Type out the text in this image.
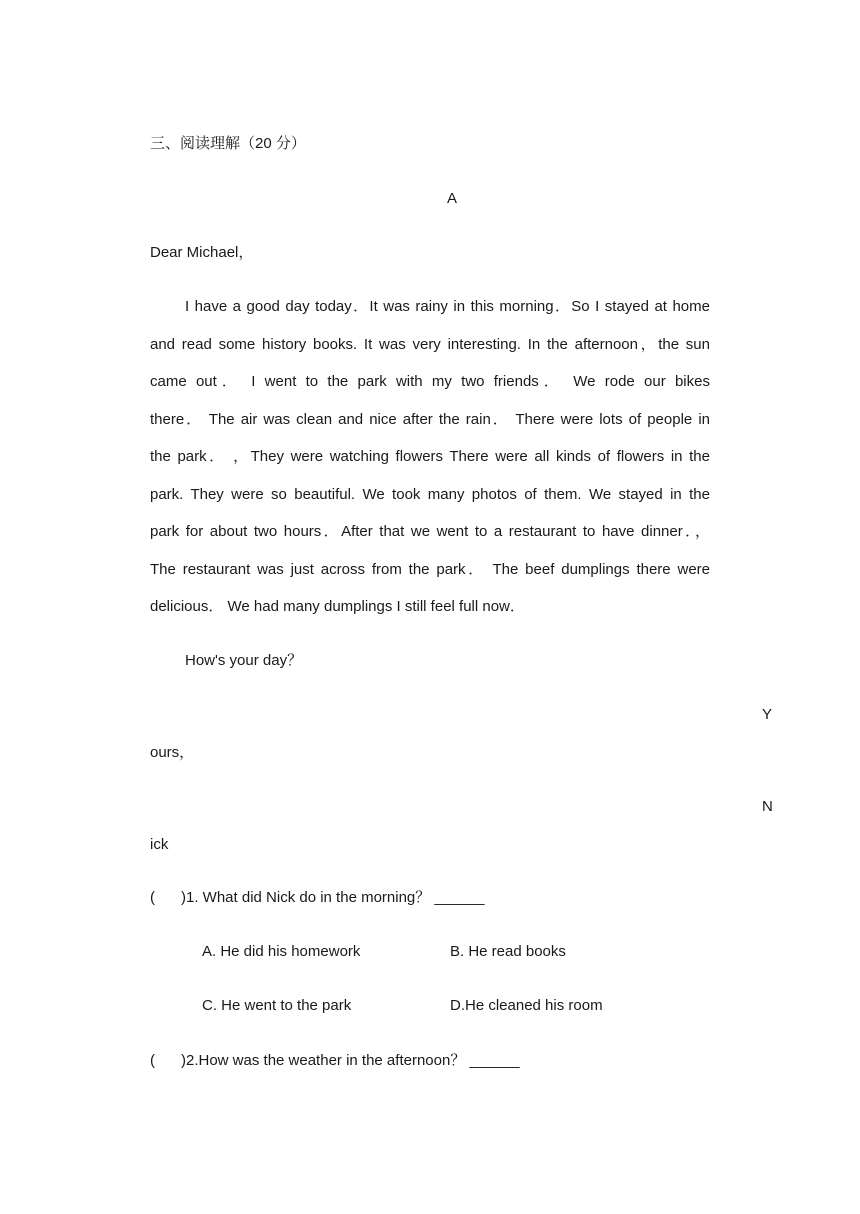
三、阅读理解（20 分）
A
Dear Michael，
I have a good day today．It was rainy in this morning．So I stayed at home
and read some history books. It was very interesting. In the afternoon，the sun
came out． I went to the park with my two friends． We rode our bikes
there． The air was clean and nice after the rain． There were lots of people in
the park． ，They were watching flowers There were all kinds of flowers in the
park. They were so beautiful. We took many photos of them. We stayed in the
park for about two hours．After that we went to a restaurant to have dinner．，
The restaurant was just across from the park． The beef dumplings there were
delicious． We had many dumplings I still feel full now．
How's your day？
Y
ours，
N
ick
( )1. What did Nick do in the morning？ ______
A. He did his homework	B. He read books
C. He went to the park	D.He cleaned his room
( )2.How was the weather in the afternoon？ ______
